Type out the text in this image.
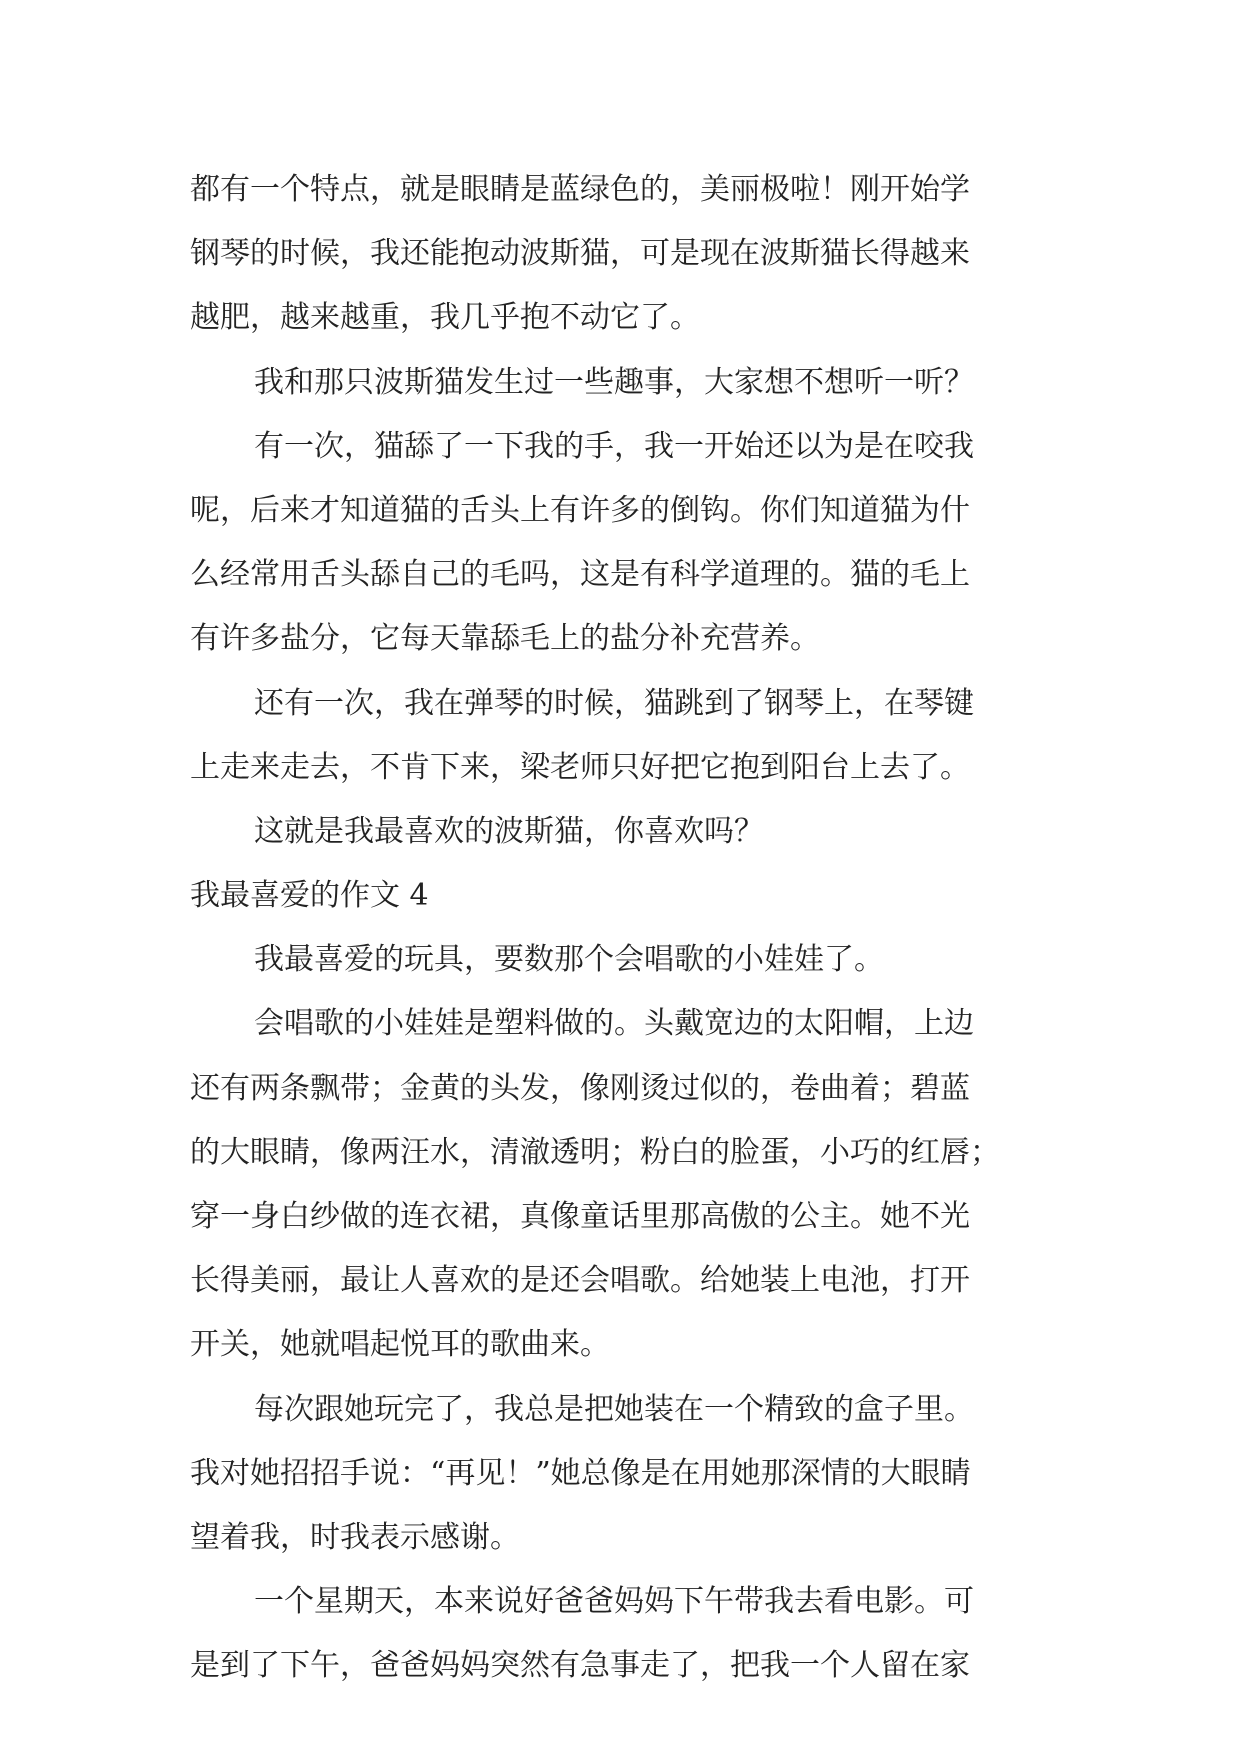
都有一个特点，就是眼睛是蓝绿色的，美丽极啦！刚开始学
钢琴的时候，我还能抱动波斯猫，可是现在波斯猫长得越来
越肥，越来越重，我几乎抱不动它了。
我和那只波斯猫发生过一些趣事，大家想不想听一听？
有一次，猫舔了一下我的手，我一开始还以为是在咬我
呢，后来才知道猫的舌头上有许多的倒钩。你们知道猫为什
么经常用舌头舔自己的毛吗，这是有科学道理的。猫的毛上
有许多盐分，它每天靠舔毛上的盐分补充营养。
还有一次，我在弹琴的时候，猫跳到了钢琴上，在琴键
上走来走去，不肯下来，梁老师只好把它抱到阳台上去了。
这就是我最喜欢的波斯猫，你喜欢吗？
我最喜爱的作文 4
我最喜爱的玩具，要数那个会唱歌的小娃娃了。
会唱歌的小娃娃是塑料做的。头戴宽边的太阳帽，上边
还有两条飘带；金黄的头发，像刚烫过似的，卷曲着；碧蓝
的大眼睛，像两汪水，清澈透明；粉白的脸蛋，小巧的红唇；
穿一身白纱做的连衣裙，真像童话里那高傲的公主。她不光
长得美丽，最让人喜欢的是还会唱歌。给她装上电池，打开
开关，她就唱起悦耳的歌曲来。
每次跟她玩完了，我总是把她装在一个精致的盒子里。
我对她招招手说：“再见！”她总像是在用她那深情的大眼睛
望着我，时我表示感谢。
一个星期天，本来说好爸爸妈妈下午带我去看电影。可
是到了下午，爸爸妈妈突然有急事走了，把我一个人留在家
